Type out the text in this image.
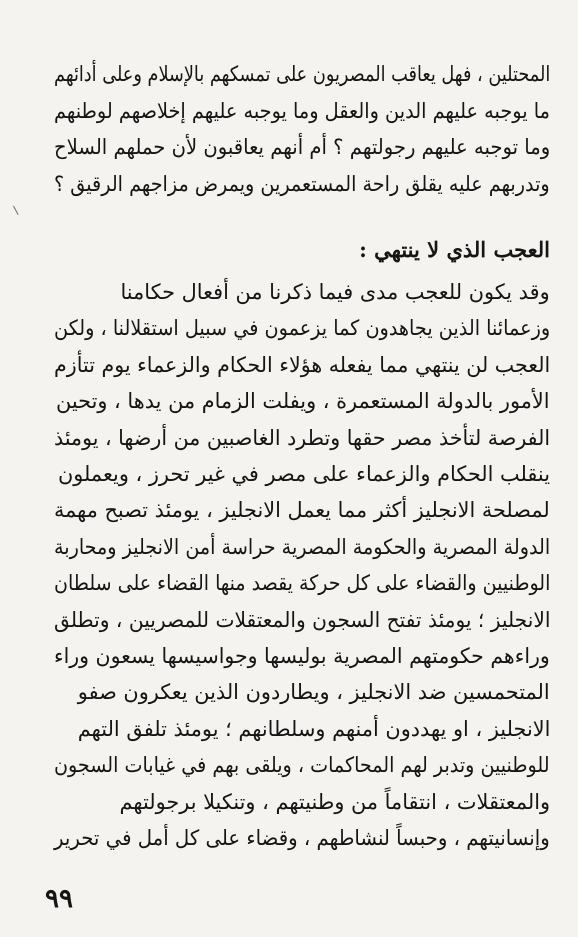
المحتلين ، فهل يعاقب المصريون على تمسكهم بالإسلام وعلى أدائهم ما يوجبه عليهم الدين والعقل وما يوجبه عليهم إخلاصهم لوطنهم وما توجبه عليهم رجولتهم ؟ أم أنهم يعاقبون لأن حملهم السلاح وتدربهم عليه يقلق راحة المستعمرين ويمرض مزاجهم الرقيق ؟
العجب الذي لا ينتهي :
وقد يكون للعجب مدى فيما ذكرنا من أفعال حكامنا وزعمائنا الذين يجاهدون كما يزعمون في سبيل استقلالنا ، ولكن العجب لن ينتهي مما يفعله هؤلاء الحكام والزعماء يوم تتأزم الأمور بالدولة المستعمرة ، ويفلت الزمام من يدها ، وتحين الفرصة لتأخذ مصر حقها وتطرد الغاصبين من أرضها ، يومئذ ينقلب الحكام والزعماء على مصر في غير تحرز ، ويعملون لمصلحة الانجليز أكثر مما يعمل الانجليز ، يومئذ تصبح مهمة الدولة المصرية والحكومة المصرية حراسة أمن الانجليز ومحاربة الوطنيين والقضاء على كل حركة يقصد منها القضاء على سلطان الانجليز ؛ يومئذ تفتح السجون والمعتقلات للمصريين ، وتطلق وراءهم حكومتهم المصرية بوليسها وجواسيسها يسعون وراء المتحمسين ضد الانجليز ، ويطاردون الذين يعكرون صفو الانجليز ، او يهددون أمنهم وسلطانهم ؛ يومئذ تلفق التهم للوطنيين وتدبر لهم المحاكمات ، ويلقى بهم في غيابات السجون والمعتقلات ، انتقاماً من وطنيتهم ، وتنكيلا برجولتهم وإنسانيتهم ، وحبساً لنشاطهم ، وقضاء على كل أمل في تحرير
٩٩
